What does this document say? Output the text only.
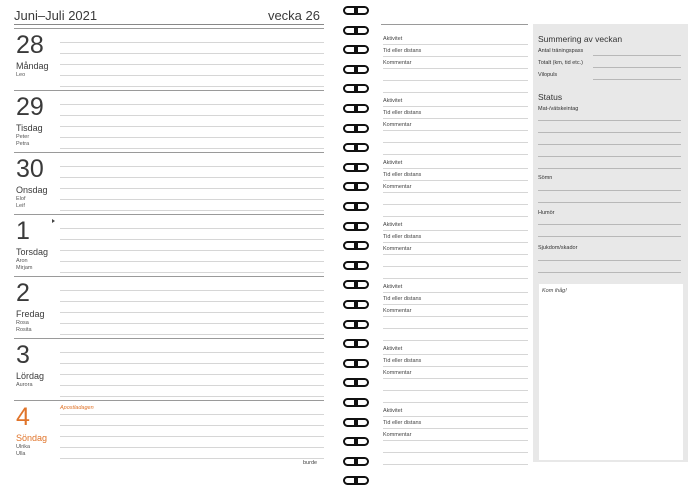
Juni–Juli 2021	vecka 26
28
Måndag
Leo
29
Tisdag
Peter
Petra
30
Onsdag
Elof
Leif
1
Torsdag
Aron
Mirjam
2
Fredag
Rosa
Rosita
3
Lördag
Aurora
4
Söndag
Ulrika
Ulla
Apostladagen
Aktivitet
Tid eller distans
Kommentar
Aktivitet
Tid eller distans
Kommentar
Aktivitet
Tid eller distans
Kommentar
Aktivitet
Tid eller distans
Kommentar
Aktivitet
Tid eller distans
Kommentar
Aktivitet
Tid eller distans
Kommentar
Aktivitet
Tid eller distans
Kommentar
Summering av veckan
Antal träningspass
Totalt (km, tid etc.)
Vilopuls
Status
Mat-/vätskeintag
Sömn
Humör
Sjukdom/skador
Kom ihåg!
burde
